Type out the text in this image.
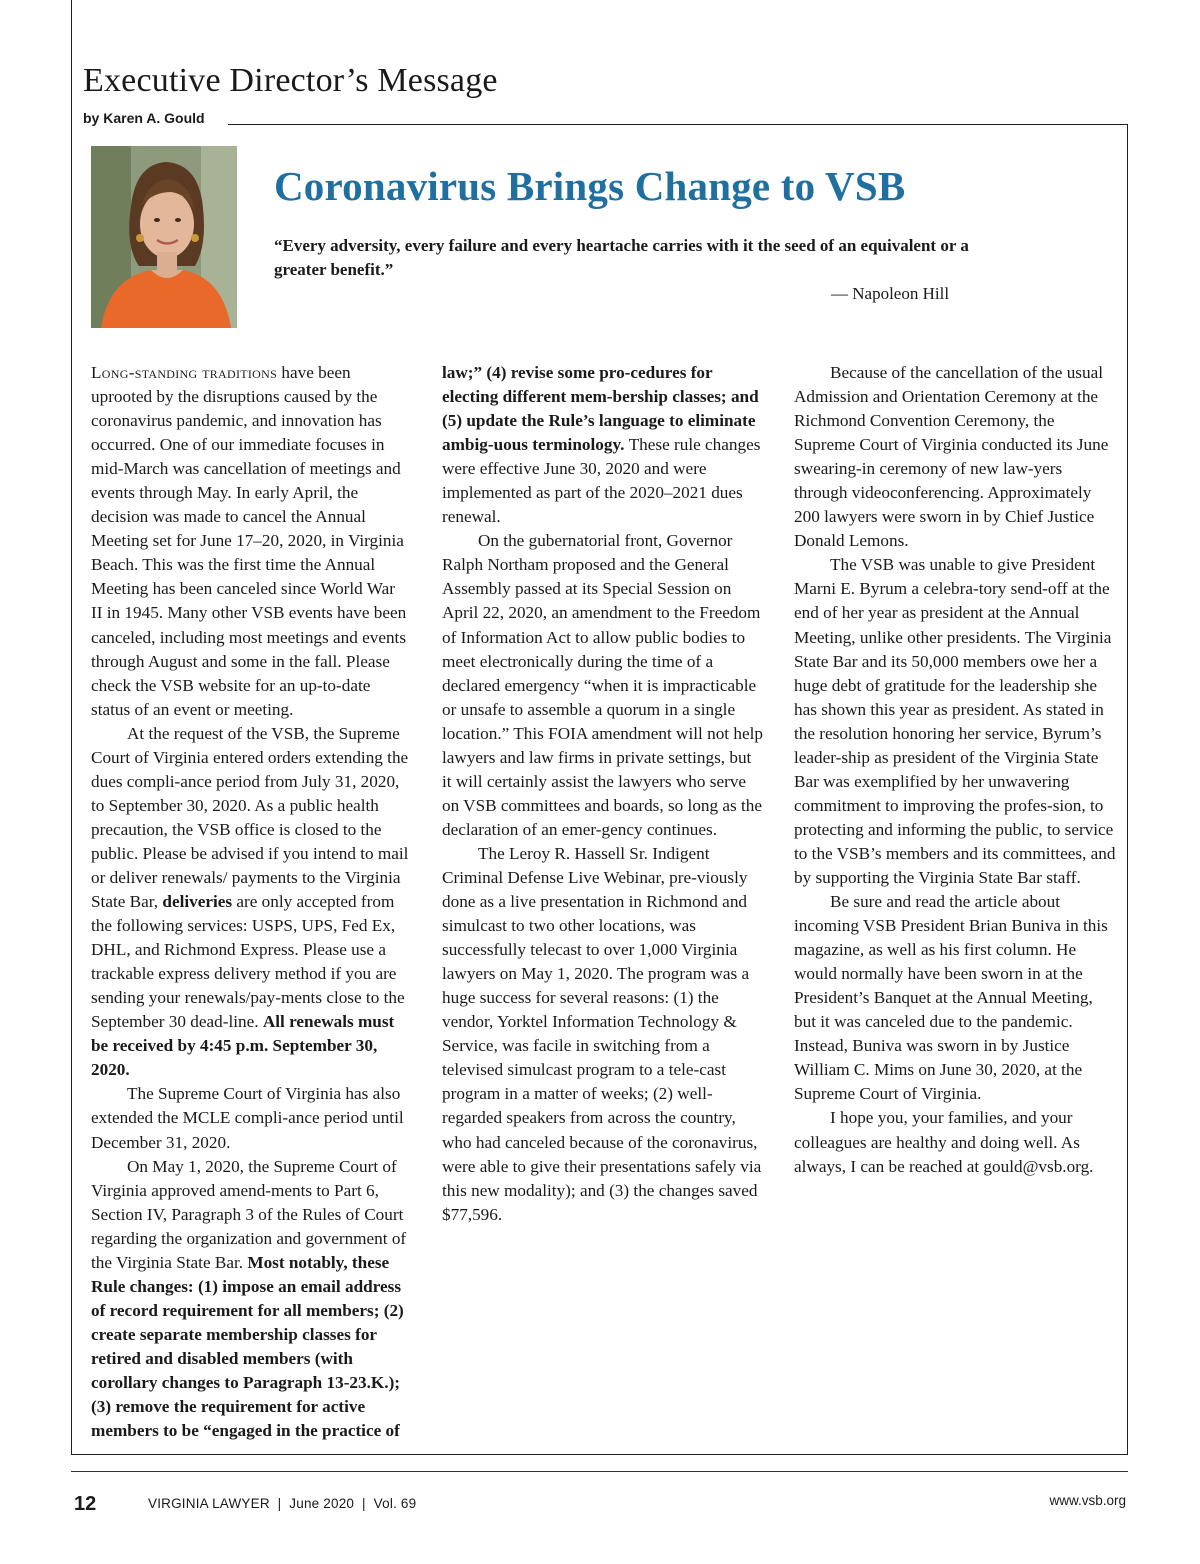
Executive Director’s Message
by Karen A. Gould
Coronavirus Brings Change to VSB
“Every adversity, every failure and every heartache carries with it the seed of an equivalent or a greater benefit.”
— Napoleon Hill

Long-standing traditions have been uprooted by the disruptions caused by the coronavirus pandemic, and innovation has occurred. One of our immediate focuses in mid-March was cancellation of meetings and events through May. In early April, the decision was made to cancel the Annual Meeting set for June 17–20, 2020, in Virginia Beach. This was the first time the Annual Meeting has been canceled since World War II in 1945. Many other VSB events have been canceled, including most meetings and events through August and some in the fall. Please check the VSB website for an up-to-date status of an event or meeting.

At the request of the VSB, the Supreme Court of Virginia entered orders extending the dues compli-ance period from July 31, 2020, to September 30, 2020. As a public health precaution, the VSB office is closed to the public. Please be advised if you intend to mail or deliver renewals/ payments to the Virginia State Bar, deliveries are only accepted from the following services: USPS, UPS, Fed Ex, DHL, and Richmond Express. Please use a trackable express delivery method if you are sending your renewals/pay-ments close to the September 30 dead-line. All renewals must be received by 4:45 p.m. September 30, 2020.

The Supreme Court of Virginia has also extended the MCLE compli-ance period until December 31, 2020.

On May 1, 2020, the Supreme Court of Virginia approved amend-ments to Part 6, Section IV, Paragraph 3 of the Rules of Court regarding the organization and government of the Virginia State Bar. Most notably, these Rule changes: (1) impose an email address of record requirement for all members; (2) create separate membership classes for retired and disabled members (with corollary changes to Paragraph 13-23.K.); (3) remove the requirement for active members to be “engaged in the practice of

law;” (4) revise some pro-cedures for electing different mem-bership classes; and (5) update the Rule’s language to eliminate ambig-uous terminology. These rule changes were effective June 30, 2020 and were implemented as part of the 2020–2021 dues renewal.

On the gubernatorial front, Governor Ralph Northam proposed and the General Assembly passed at its Special Session on April 22, 2020, an amendment to the Freedom of Information Act to allow public bodies to meet electronically during the time of a declared emergency “when it is impracticable or unsafe to assemble a quorum in a single location.” This FOIA amendment will not help lawyers and law firms in private settings, but it will certainly assist the lawyers who serve on VSB committees and boards, so long as the declaration of an emer-gency continues.

The Leroy R. Hassell Sr. Indigent Criminal Defense Live Webinar, pre-viously done as a live presentation in Richmond and simulcast to two other locations, was successfully telecast to over 1,000 Virginia lawyers on May 1, 2020. The program was a huge success for several reasons: (1) the vendor, Yorktel Information Technology & Service, was facile in switching from a televised simulcast program to a tele-cast program in a matter of weeks; (2) well-regarded speakers from across the country, who had canceled because of the coronavirus, were able to give their presentations safely via this new modality); and (3) the changes saved $77,596.

Because of the cancellation of the usual Admission and Orientation Ceremony at the Richmond Convention Ceremony, the Supreme Court of Virginia conducted its June swearing-in ceremony of new law-yers through videoconferencing. Approximately 200 lawyers were sworn in by Chief Justice Donald Lemons.

The VSB was unable to give President Marni E. Byrum a celebra-tory send-off at the end of her year as president at the Annual Meeting, unlike other presidents. The Virginia State Bar and its 50,000 members owe her a huge debt of gratitude for the leadership she has shown this year as president. As stated in the resolution honoring her service, Byrum’s leader-ship as president of the Virginia State Bar was exemplified by her unwavering commitment to improving the profes-sion, to protecting and informing the public, to service to the VSB’s members and its committees, and by supporting the Virginia State Bar staff.

Be sure and read the article about incoming VSB President Brian Buniva in this magazine, as well as his first column. He would normally have been sworn in at the President’s Banquet at the Annual Meeting, but it was canceled due to the pandemic. Instead, Buniva was sworn in by Justice William C. Mims on June 30, 2020, at the Supreme Court of Virginia.

I hope you, your families, and your colleagues are healthy and doing well. As always, I can be reached at gould@vsb.org.

12	VIRGINIA LAWYER  |  June 2020  |  Vol. 69	www.vsb.org
